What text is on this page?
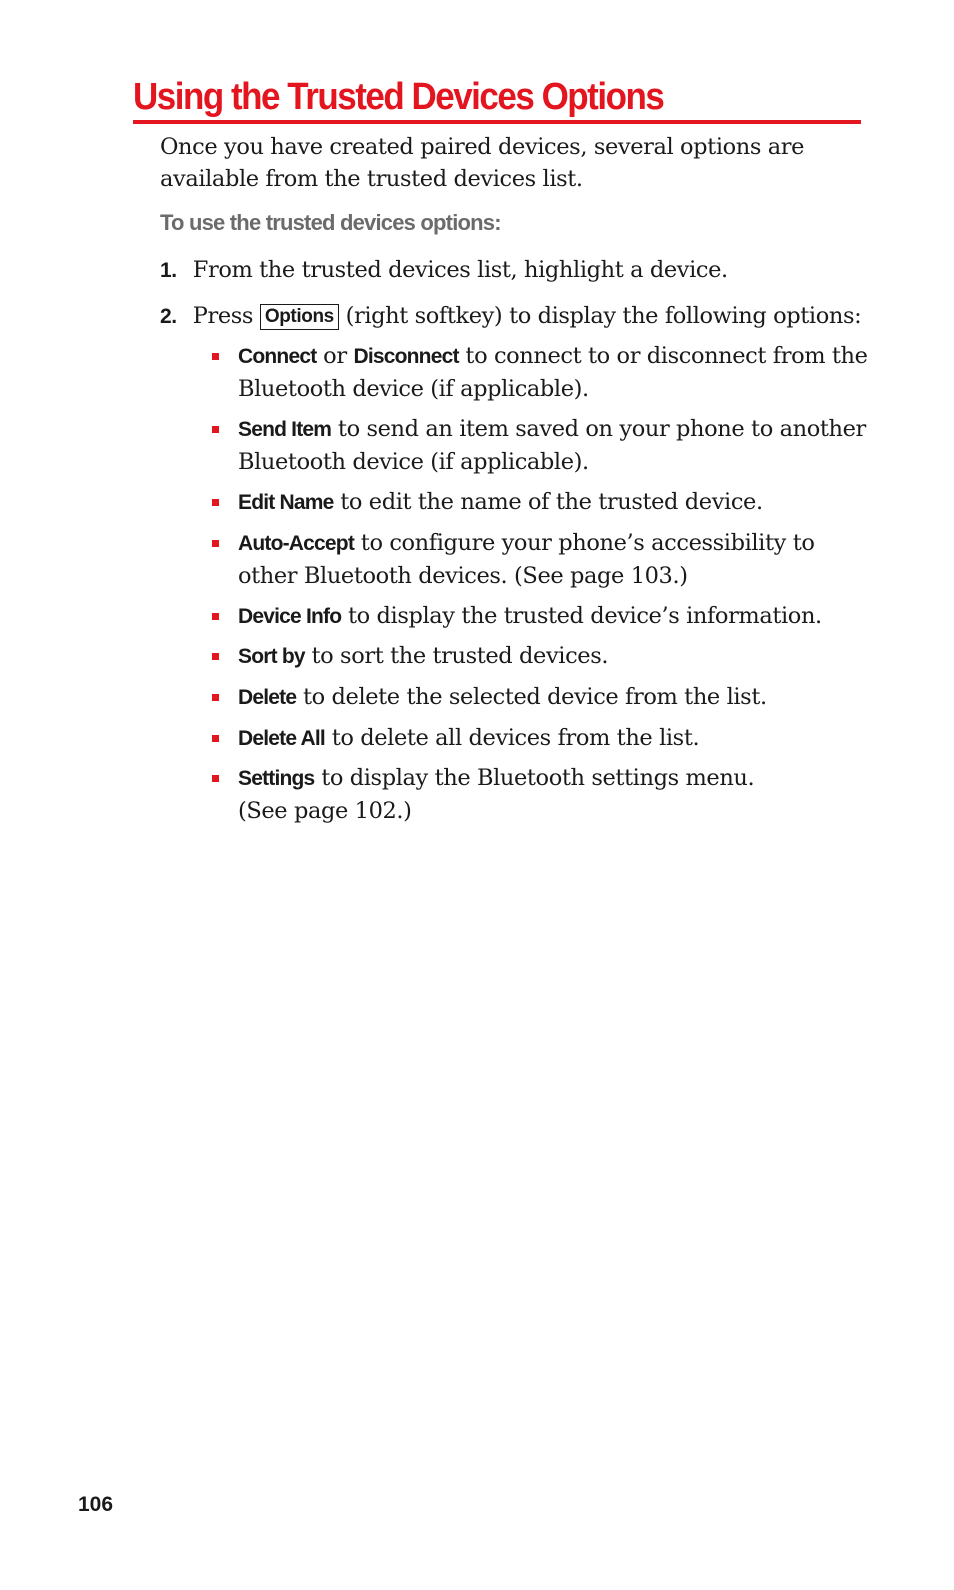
Using the Trusted Devices Options

Once you have created paired devices, several options are available from the trusted devices list.

To use the trusted devices options:

1. From the trusted devices list, highlight a device.
2. Press Options (right softkey) to display the following options:
Connect or Disconnect to connect to or disconnect from the Bluetooth device (if applicable).
Send Item to send an item saved on your phone to another Bluetooth device (if applicable).
Edit Name to edit the name of the trusted device.
Auto-Accept to configure your phone’s accessibility to other Bluetooth devices. (See page 103.)
Device Info to display the trusted device’s information.
Sort by to sort the trusted devices.
Delete to delete the selected device from the list.
Delete All to delete all devices from the list.
Settings to display the Bluetooth settings menu.
(See page 102.)

106
